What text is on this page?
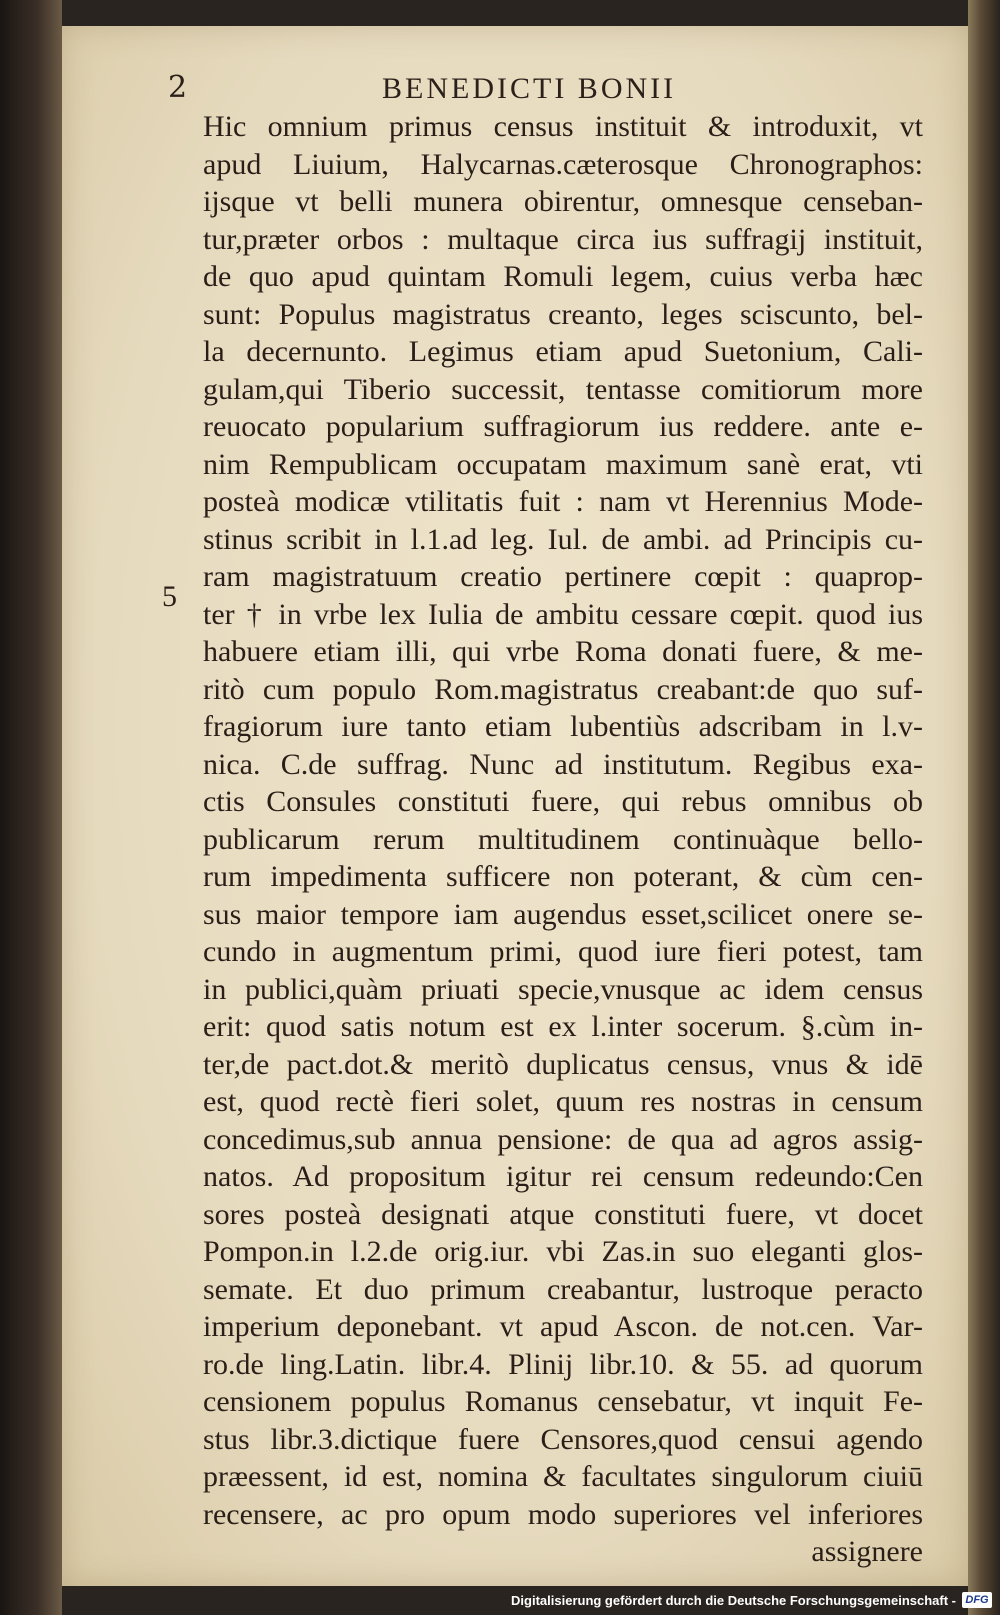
2	BENEDICTI BONII
5
Hic omnium primus census instituit & introduxit, vt
apud Liuium, Halycarnas.cæterosque Chronographos:
ijsque vt belli munera obirentur, omnesque censeban-
tur,præter orbos : multaque circa ius suffragij instituit,
de quo apud quintam Romuli legem, cuius verba hæc
sunt: Populus magistratus creanto, leges sciscunto, bel-
la decernunto. Legimus etiam apud Suetonium, Cali-
gulam,qui Tiberio successit, tentasse comitiorum more
reuocato popularium suffragiorum ius reddere. ante e-
nim Rempublicam occupatam maximum sanè erat, vti
posteà modicæ vtilitatis fuit : nam vt Herennius Mode-
stinus scribit in l.1.ad leg. Iul. de ambi. ad Principis cu-
ram magistratuum creatio pertinere cœpit : quaprop-
ter † in vrbe lex Iulia de ambitu cessare cœpit. quod ius
habuere etiam illi, qui vrbe Roma donati fuere, & me-
ritò cum populo Rom.magistratus creabant:de quo suf-
fragiorum iure tanto etiam lubentiùs adscribam in l.v-
nica. C.de suffrag. Nunc ad institutum. Regibus exa-
ctis Consules constituti fuere, qui rebus omnibus ob
publicarum rerum multitudinem continuàque bello-
rum impedimenta sufficere non poterant, & cùm cen-
sus maior tempore iam augendus esset,scilicet onere se-
cundo in augmentum primi, quod iure fieri potest, tam
in publici,quàm priuati specie,vnusque ac idem census
erit: quod satis notum est ex l.inter socerum. §.cùm in-
ter,de pact.dot.& meritò duplicatus census, vnus & idē
est, quod rectè fieri solet, quum res nostras in censum
concedimus,sub annua pensione: de qua ad agros assig-
natos. Ad propositum igitur rei censum redeundo:Cen
sores posteà designati atque constituti fuere, vt docet
Pompon.in l.2.de orig.iur. vbi Zas.in suo eleganti glos-
semate. Et duo primum creabantur, lustroque peracto
imperium deponebant. vt apud Ascon. de not.cen. Var-
ro.de ling.Latin. libr.4. Plinij libr.10. & 55. ad quorum
censionem populus Romanus censebatur, vt inquit Fe-
stus libr.3.dictique fuere Censores,quod censui agendo
præessent, id est, nomina & facultates singulorum ciuiū
recensere, ac pro opum modo superiores vel inferiores
assignere
Digitalisierung gefördert durch die Deutsche Forschungsgemeinschaft - DFG
